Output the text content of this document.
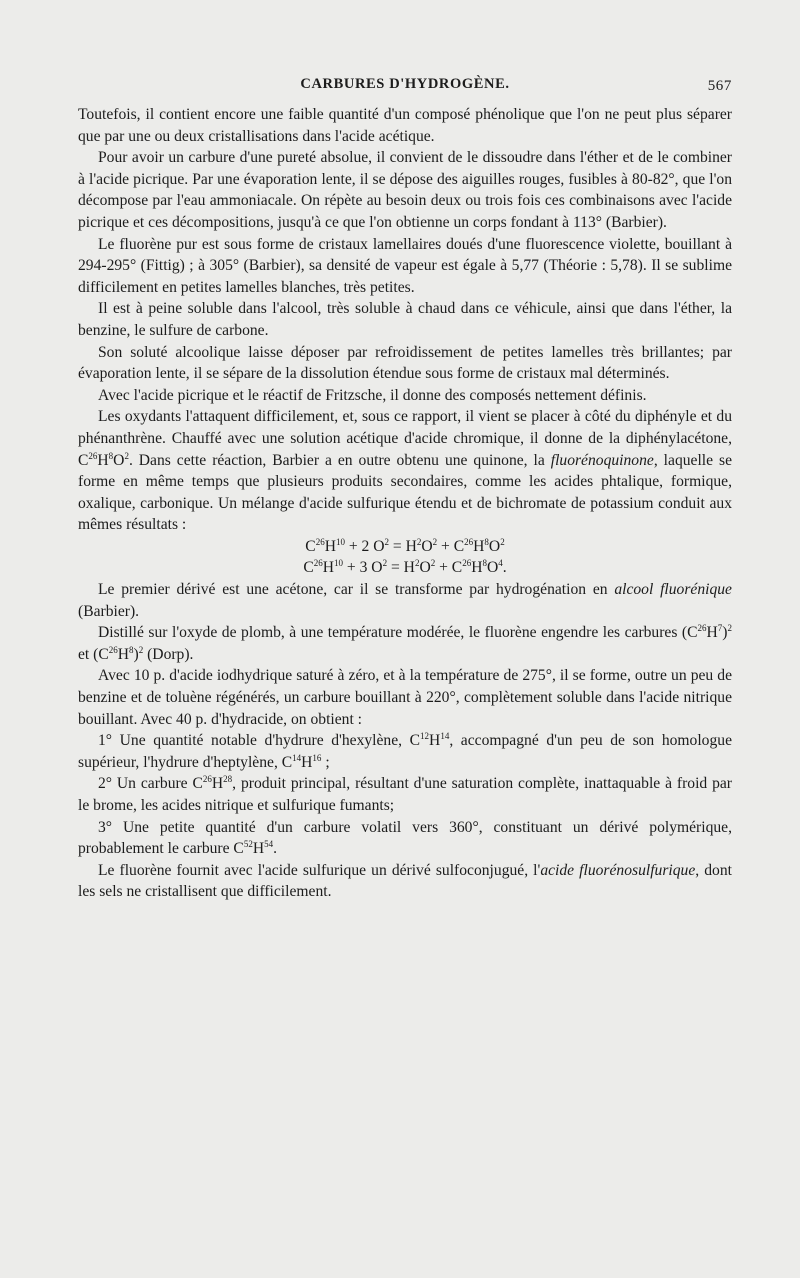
CARBURES D'HYDROGÈNE.	567

Toutefois, il contient encore une faible quantité d'un composé phénolique que l'on ne peut plus séparer que par une ou deux cristallisations dans l'acide acétique.

Pour avoir un carbure d'une pureté absolue, il convient de le dissoudre dans l'éther et de le combiner à l'acide picrique. Par une évaporation lente, il se dépose des aiguilles rouges, fusibles à 80-82°, que l'on décompose par l'eau ammoniacale. On répète au besoin deux ou trois fois ces combinaisons avec l'acide picrique et ces décompositions, jusqu'à ce que l'on obtienne un corps fondant à 113° (Barbier).

Le fluorène pur est sous forme de cristaux lamellaires doués d'une fluorescence violette, bouillant à 294-295° (Fittig) ; à 305° (Barbier), sa densité de vapeur est égale à 5,77 (Théorie : 5,78). Il se sublime difficilement en petites lamelles blanches, très petites.

Il est à peine soluble dans l'alcool, très soluble à chaud dans ce véhicule, ainsi que dans l'éther, la benzine, le sulfure de carbone.

Son soluté alcoolique laisse déposer par refroidissement de petites lamelles très brillantes; par évaporation lente, il se sépare de la dissolution étendue sous forme de cristaux mal déterminés.

Avec l'acide picrique et le réactif de Fritzsche, il donne des composés nettement définis.

Les oxydants l'attaquent difficilement, et, sous ce rapport, il vient se placer à côté du diphényle et du phénanthrène. Chauffé avec une solution acétique d'acide chromique, il donne de la diphénylacétone, $C^{26}H^8O^2$. Dans cette réaction, Barbier a en outre obtenu une quinone, la fluorénoquinone, laquelle se forme en même temps que plusieurs produits secondaires, comme les acides phtalique, formique, oxalique, carbonique. Un mélange d'acide sulfurique étendu et de bichromate de potassium conduit aux mêmes résultats :

$C^{26}H^{10} + 2$ $O^2 = H^2O^2 + C^{26}H^8O^2$
$C^{26}H^{10} + 3$ $O^2 = H^2O^2 + C^{26}H^8O^4$.

Le premier dérivé est une acétone, car il se transforme par hydrogénation en alcool fluorénique (Barbier).

Distillé sur l'oxyde de plomb, à une température modérée, le fluorène engendre les carbures $(C^{26}H^7)^2$ et $(C^{26}H^8)^2$ (Dorp).

Avec 10 p. d'acide iodhydrique saturé à zéro, et à la température de 275°, il se forme, outre un peu de benzine et de toluène régénérés, un carbure bouillant à 220°, complètement soluble dans l'acide nitrique bouillant. Avec 40 p. d'hydracide, on obtient :

1° Une quantité notable d'hydrure d'hexylène, $C^{12}H^{14}$, accompagné d'un peu de son homologue supérieur, l'hydrure d'heptylène, $C^{14}H^{16}$ ;

2° Un carbure $C^{26}H^{28}$, produit principal, résultant d'une saturation complète, inattaquable à froid par le brome, les acides nitrique et sulfurique fumants;

3° Une petite quantité d'un carbure volatil vers 360°, constituant un dérivé polymérique, probablement le carbure $C^{52}H^{54}$.

Le fluorène fournit avec l'acide sulfurique un dérivé sulfoconjugué, l'acide fluorénosulfurique, dont les sels ne cristallisent que difficilement.
